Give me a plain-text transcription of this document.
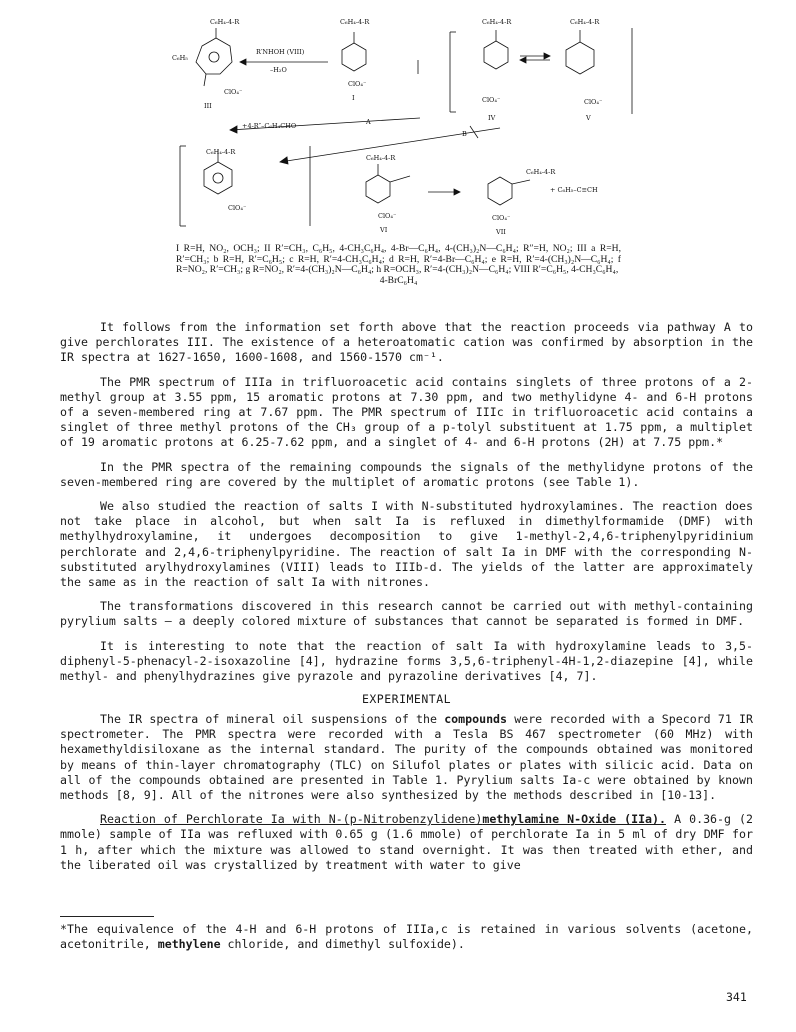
C₆H₄-4-R
C₆H₅
ClO₄⁻
III
R′NHOH (VIII)
–H₂O
C₆H₄-4-R
ClO₄⁻
I
C₆H₄-4-R
ClO₄⁻
IV
C₆H₄-4-R
ClO₄⁻
V
+4-R″–C₆H₄CHO	A
B
C₆H₄-4-R
ClO₄⁻
C₆H₄-4-R
ClO₄⁻
VI
C₆H₄-4-R
+ C₆H₅–C≡CH
ClO₄⁻
VII
I R=H, NO₂, OCH₃; II R′=CH₃, C₆H₅, 4-CH₃C₆H₄, 4-Br—C₆H₄, 4-(CH₃)₂N—C₆H₄; R″=H, NO₂; III a R=H, R′=CH₃; b R=H, R′=C₆H₅; c R=H, R′=4-CH₃C₆H₄; d R=H, R′=4-Br—C₆H₄; e R=H, R′=4-(CH₃)₂N—C₆H₄; f R=NO₂, R′=CH₃; g R=NO₂, R′=4-(CH₃)₂N—C₆H₄; h R=OCH₃, R′=4-(CH₃)₂N—C₆H₄; VIII R′=C₆H₅, 4-CH₃C₆H₄,
4-BrC₆H₄

It follows from the information set forth above that the reaction proceeds via pathway A to give perchlorates III. The existence of a heteroatomatic cation was confirmed by absorption in the IR spectra at 1627-1650, 1600-1608, and 1560-1570 cm⁻¹.

The PMR spectrum of IIIa in trifluoroacetic acid contains singlets of three protons of a 2-methyl group at 3.55 ppm, 15 aromatic protons at 7.30 ppm, and two methylidyne 4- and 6-H protons of a seven-membered ring at 7.67 ppm. The PMR spectrum of IIIc in trifluoroacetic acid contains a singlet of three methyl protons of the CH₃ group of a p-tolyl substituent at 1.75 ppm, a multiplet of 19 aromatic protons at 6.25-7.62 ppm, and a singlet of 4- and 6-H protons (2H) at 7.75 ppm.*

In the PMR spectra of the remaining compounds the signals of the methylidyne protons of the seven-membered ring are covered by the multiplet of aromatic protons (see Table 1).

We also studied the reaction of salts I with N-substituted hydroxylamines. The reaction does not take place in alcohol, but when salt Ia is refluxed in dimethylformamide (DMF) with methylhydroxylamine, it undergoes decomposition to give 1-methyl-2,4,6-triphenylpyridinium perchlorate and 2,4,6-triphenylpyridine. The reaction of salt Ia in DMF with the corresponding N-substituted arylhydroxylamines (VIII) leads to IIIb-d. The yields of the latter are approximately the same as in the reaction of salt Ia with nitrones.

The transformations discovered in this research cannot be carried out with methyl-containing pyrylium salts — a deeply colored mixture of substances that cannot be separated is formed in DMF.

It is interesting to note that the reaction of salt Ia with hydroxylamine leads to 3,5-diphenyl-5-phenacyl-2-isoxazoline [4], hydrazine forms 3,5,6-triphenyl-4H-1,2-diazepine [4], while methyl- and phenylhydrazines give pyrazole and pyrazoline derivatives [4, 7].

EXPERIMENTAL

The IR spectra of mineral oil suspensions of the compounds were recorded with a Specord 71 IR spectrometer. The PMR spectra were recorded with a Tesla BS 467 spectrometer (60 MHz) with hexamethyldisiloxane as the internal standard. The purity of the compounds obtained was monitored by means of thin-layer chromatography (TLC) on Silufol plates or plates with silicic acid. Data on all of the compounds obtained are presented in Table 1. Pyrylium salts Ia-c were obtained by known methods [8, 9]. All of the nitrones were also synthesized by the methods described in [10-13].

Reaction of Perchlorate Ia with N-(p-Nitrobenzylidene)methylamine N-Oxide (IIa). A 0.36-g (2 mmole) sample of IIa was refluxed with 0.65 g (1.6 mmole) of perchlorate Ia in 5 ml of dry DMF for 1 h, after which the mixture was allowed to stand overnight. It was then treated with ether, and the liberated oil was crystallized by treatment with water to give

*The equivalence of the 4-H and 6-H protons of IIIa,c is retained in various solvents (acetone, acetonitrile, methylene chloride, and dimethyl sulfoxide).
341
